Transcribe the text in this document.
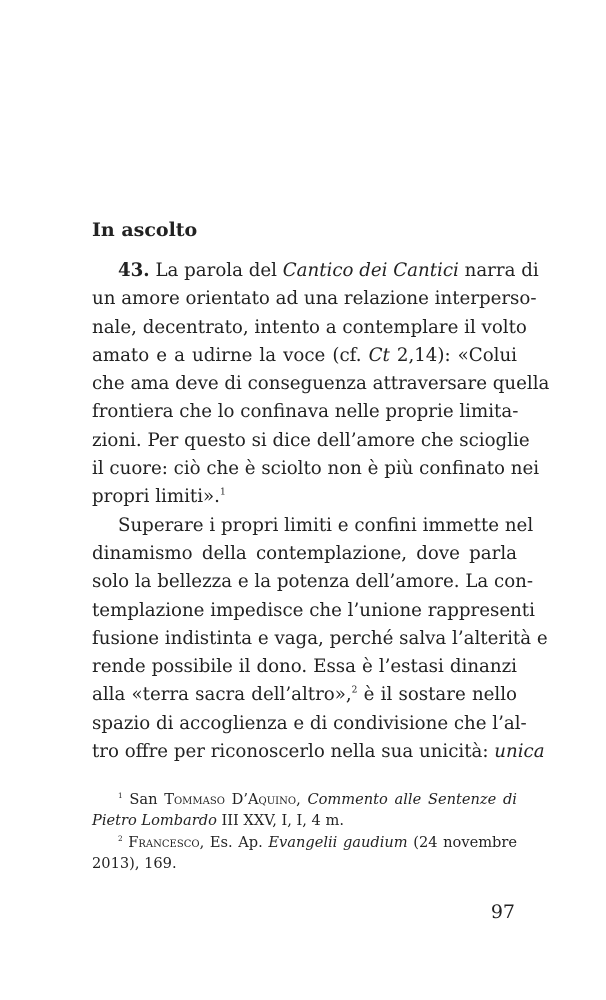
In ascolto
43. La parola del Cantico dei Cantici narra di
un amore orientato ad una relazione interperso-
nale, decentrato, intento a contemplare il volto
amato e a udirne la voce (cf. Ct 2,14): «Colui
che ama deve di conseguenza attraversare quella
frontiera che lo confinava nelle proprie limita-
zioni. Per questo si dice dell’amore che scioglie
il cuore: ciò che è sciolto non è più confinato nei
propri limiti».$^1$
Superare i propri limiti e confini immette nel
dinamismo della contemplazione, dove parla
solo la bellezza e la potenza dell’amore. La con-
templazione impedisce che l’unione rappresenti
fusione indistinta e vaga, perché salva l’alterità e
rende possibile il dono. Essa è l’estasi dinanzi
alla «terra sacra dell’altro»,$^2$ è il sostare nello
spazio di accoglienza e di condivisione che l’al-
tro offre per riconoscerlo nella sua unicità: unica
$^1$ San Tommaso D’Aquino, Commento alle Sentenze di
Pietro Lombardo III XXV, I, I, 4 m.
$^2$ Francesco, Es. Ap. Evangelii gaudium (24 novembre
2013), 169.
97
